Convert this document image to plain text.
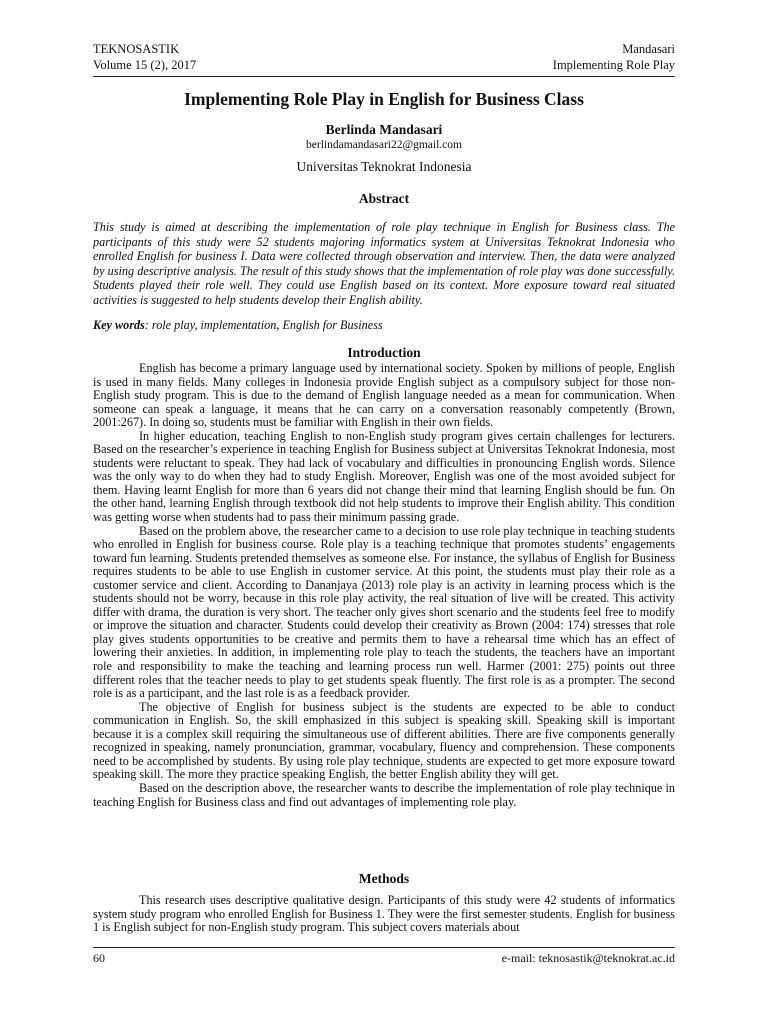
TEKNOSASTIK
Volume 15 (2), 2017
Mandasari
Implementing Role Play
Implementing Role Play in English for Business Class
Berlinda Mandasari
berlindamandasari22@gmail.com
Universitas Teknokrat Indonesia
Abstract
This study is aimed at describing the implementation of role play technique in English for Business class. The participants of this study were 52 students majoring informatics system at Universitas Teknokrat Indonesia who enrolled English for business I. Data were collected through observation and interview. Then, the data were analyzed by using descriptive analysis. The result of this study shows that the implementation of role play was done successfully. Students played their role well. They could use English based on its context. More exposure toward real situated activities is suggested to help students develop their English ability.
Key words: role play, implementation, English for Business
Introduction

English has become a primary language used by international society. Spoken by millions of people, English is used in many fields. Many colleges in Indonesia provide English subject as a compulsory subject for those non-English study program. This is due to the demand of English language needed as a mean for communication. When someone can speak a language, it means that he can carry on a conversation reasonably competently (Brown, 2001:267). In doing so, students must be familiar with English in their own fields.

In higher education, teaching English to non-English study program gives certain challenges for lecturers. Based on the researcher’s experience in teaching English for Business subject at Universitas Teknokrat Indonesia, most students were reluctant to speak. They had lack of vocabulary and difficulties in pronouncing English words. Silence was the only way to do when they had to study English. Moreover, English was one of the most avoided subject for them. Having learnt English for more than 6 years did not change their mind that learning English should be fun. On the other hand, learning English through textbook did not help students to improve their English ability. This condition was getting worse when students had to pass their minimum passing grade.

Based on the problem above, the researcher came to a decision to use role play technique in teaching students who enrolled in English for business course. Role play is a teaching technique that promotes students’ engagements toward fun learning. Students pretended themselves as someone else. For instance, the syllabus of English for Business requires students to be able to use English in customer service. At this point, the students must play their role as a customer service and client. According to Dananjaya (2013) role play is an activity in learning process which is the students should not be worry, because in this role play activity, the real situation of live will be created. This activity differ with drama, the duration is very short. The teacher only gives short scenario and the students feel free to modify or improve the situation and character. Students could develop their creativity as Brown (2004: 174) stresses that role play gives students opportunities to be creative and permits them to have a rehearsal time which has an effect of lowering their anxieties. In addition, in implementing role play to teach the students, the teachers have an important role and responsibility to make the teaching and learning process run well. Harmer (2001: 275) points out three different roles that the teacher needs to play to get students speak fluently. The first role is as a prompter. The second role is as a participant, and the last role is as a feedback provider.

The objective of English for business subject is the students are expected to be able to conduct communication in English. So, the skill emphasized in this subject is speaking skill. Speaking skill is important because it is a complex skill requiring the simultaneous use of different abilities. There are five components generally recognized in speaking, namely pronunciation, grammar, vocabulary, fluency and comprehension. These components need to be accomplished by students. By using role play technique, students are expected to get more exposure toward speaking skill. The more they practice speaking English, the better English ability they will get.

Based on the description above, the researcher wants to describe the implementation of role play technique in teaching English for Business class and find out advantages of implementing role play.

Methods

This research uses descriptive qualitative design. Participants of this study were 42 students of informatics system study program who enrolled English for Business 1. They were the first semester students. English for business 1 is English subject for non-English study program. This subject covers materials about

60	e-mail: teknosastik@teknokrat.ac.id
